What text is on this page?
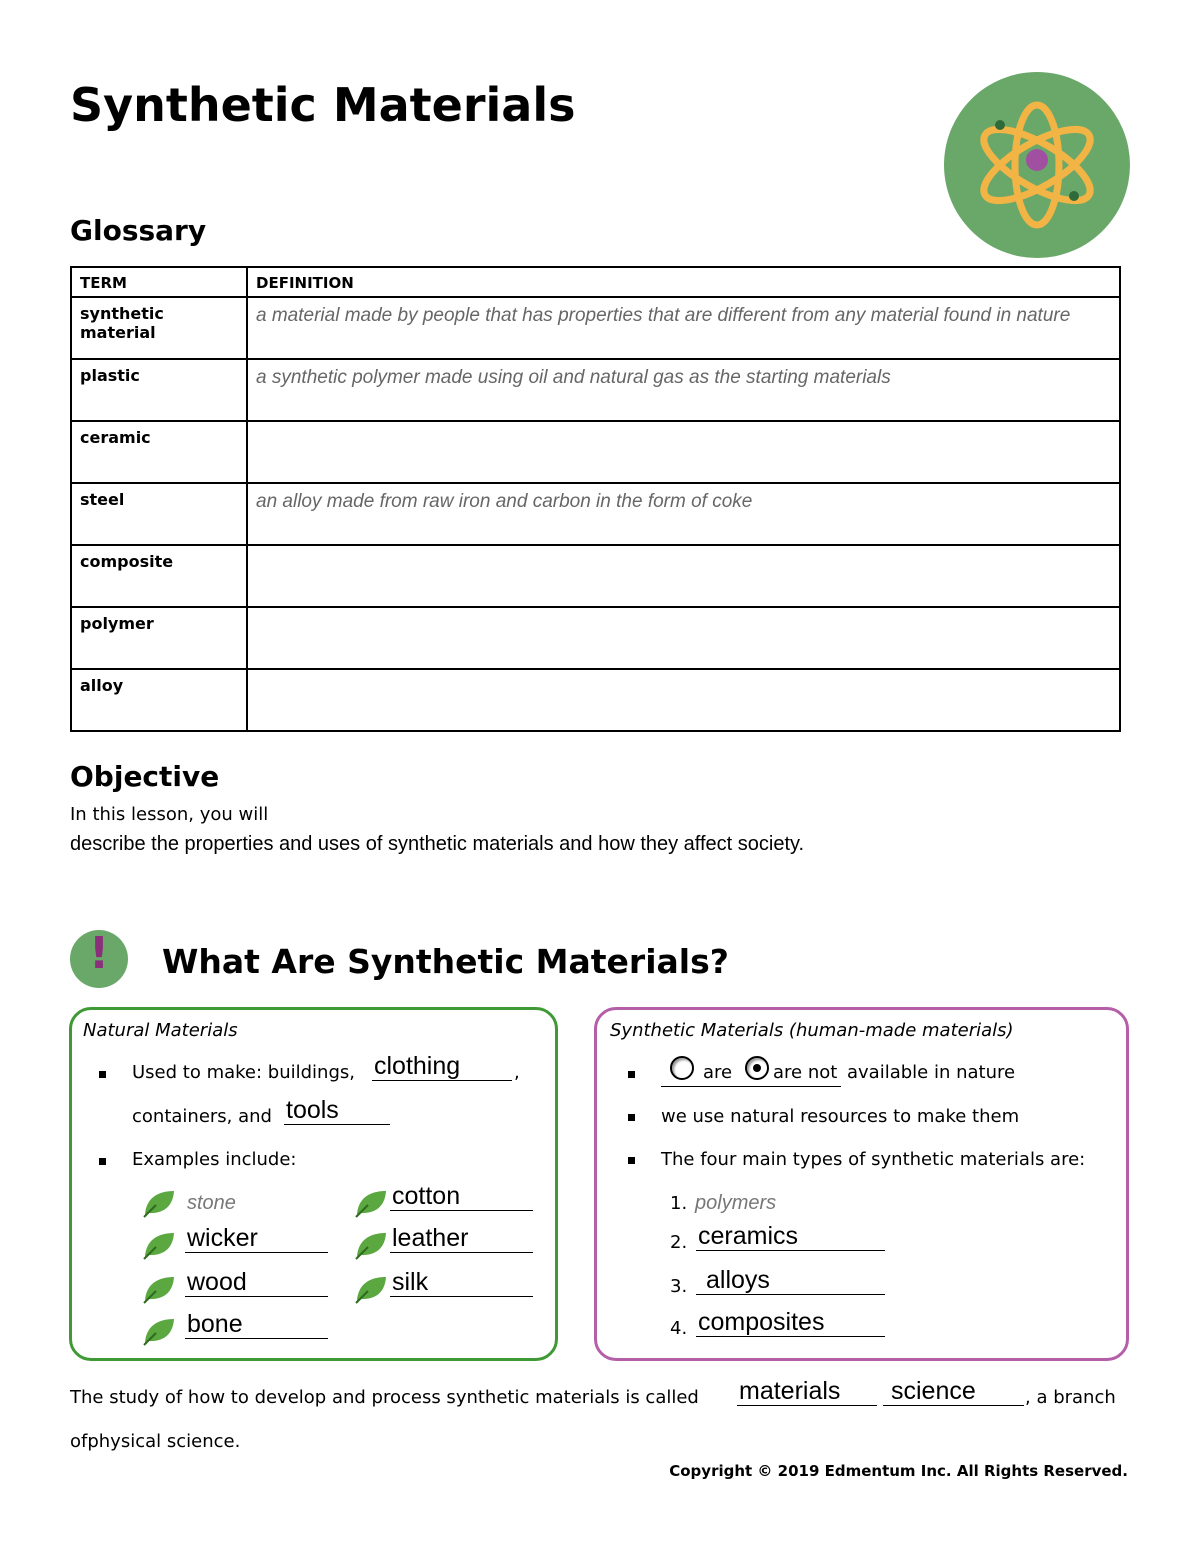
Synthetic Materials
Glossary
TERM	DEFINITION
synthetic material	a material made by people that has properties that are different from any material found in nature
plastic	a synthetic polymer made using oil and natural gas as the starting materials
ceramic	
steel	an alloy made from raw iron and carbon in the form of coke
composite	
polymer	
alloy	
Objective
In this lesson, you will
describe the properties and uses of synthetic materials and how they affect society.
!	What Are Synthetic Materials?
Natural Materials
Used to make: buildings, clothing	,
containers, and tools
Examples include:
stone
wicker
wood
bone
cotton
leather
silk
Synthetic Materials (human-made materials)
are are not available in nature
we use natural resources to make them
The four main types of synthetic materials are:
1. polymers
2. ceramics
3. alloys
4. composites
The study of how to develop and process synthetic materials is called materials	science	, a branch
ofphysical science.
Copyright © 2019 Edmentum Inc. All Rights Reserved.
